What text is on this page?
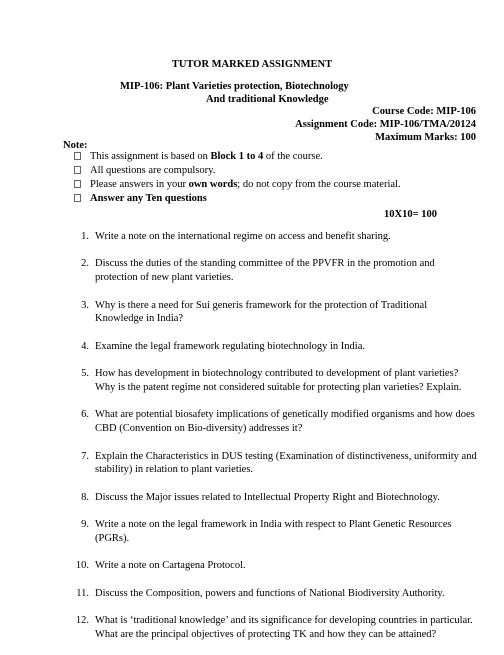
TUTOR MARKED ASSIGNMENT
MIP-106: Plant Varieties protection, Biotechnology
And traditional Knowledge
Course Code: MIP-106
Assignment Code: MIP-106/TMA/20124
Maximum Marks: 100
Note:
This assignment is based on Block 1 to 4 of the course.
All questions are compulsory.
Please answers in your own words; do not copy from the course material.
Answer any Ten questions
10X10= 100
1. Write a note on the international regime on access and benefit sharing.
2. Discuss the duties of the standing committee of the PPVFR in the promotion and protection of new plant varieties.
3. Why is there a need for Sui generis framework for the protection of Traditional Knowledge in India?
4. Examine the legal framework regulating biotechnology in India.
5. How has development in biotechnology contributed to development of plant varieties? Why is the patent regime not considered suitable for protecting plan varieties? Explain.
6. What are potential biosafety implications of genetically modified organisms and how does CBD (Convention on Bio-diversity) addresses it?
7. Explain the Characteristics in DUS testing (Examination of distinctiveness, uniformity and stability) in relation to plant varieties.
8. Discuss the Major issues related to Intellectual Property Right and Biotechnology.
9. Write a note on the legal framework in India with respect to Plant Genetic Resources (PGRs).
10. Write a note on Cartagena Protocol.
11. Discuss the Composition, powers and functions of National Biodiversity Authority.
12. What is ‘traditional knowledge’ and its significance for developing countries in particular. What are the principal objectives of protecting TK and how they can be attained?
